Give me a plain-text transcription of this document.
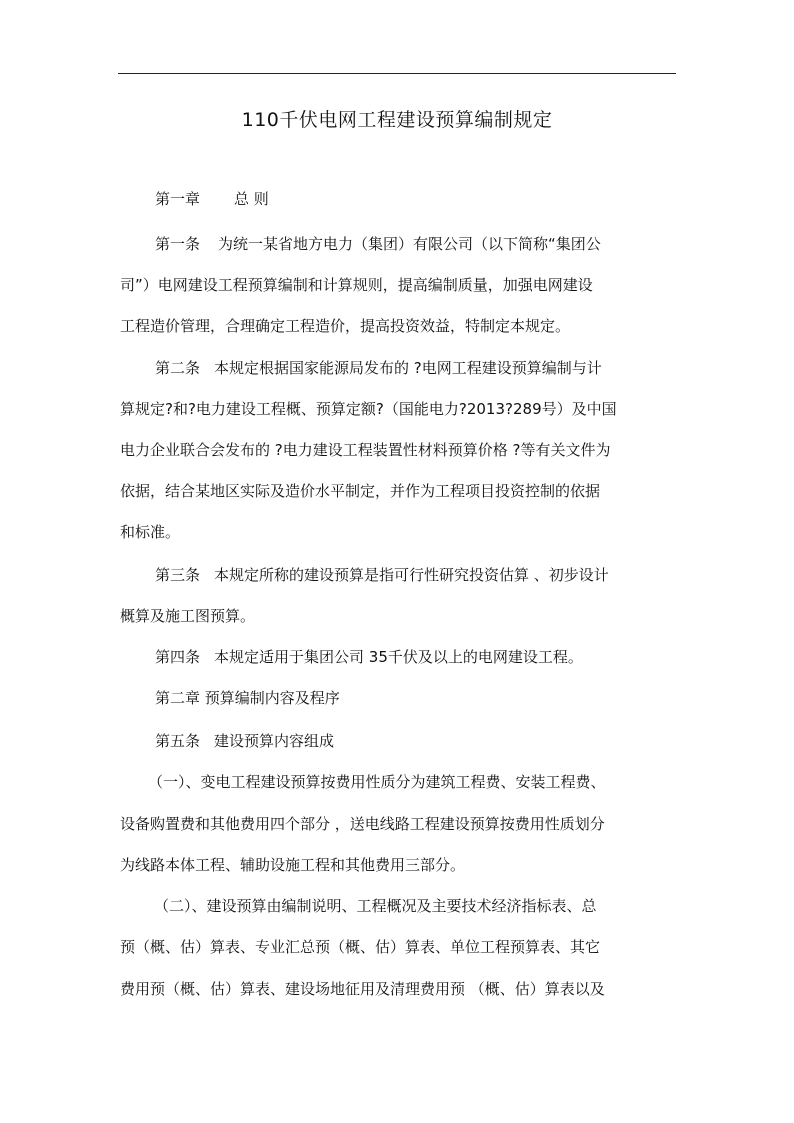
110千伏电网工程建设预算编制规定
第一章 总 则
第一条 为统一某省地方电力（集团）有限公司（以下简称“集团公
司”）电网建设工程预算编制和计算规则，提高编制质量，加强电网建设
工程造价管理，合理确定工程造价，提高投资效益，特制定本规定。
第二条 本规定根据国家能源局发布的 ?电网工程建设预算编制与计
算规定?和?电力建设工程概、预算定额?（国能电力?2013?289号）及中国
电力企业联合会发布的 ?电力建设工程装置性材料预算价格 ?等有关文件为
依据，结合某地区实际及造价水平制定，并作为工程项目投资控制的依据
和标准。
第三条 本规定所称的建设预算是指可行性研究投资估算 、初步设计
概算及施工图预算。
第四条 本规定适用于集团公司 35千伏及以上的电网建设工程。
第二章 预算编制内容及程序
第五条 建设预算内容组成
（一）、变电工程建设预算按费用性质分为建筑工程费、安装工程费、
设备购置费和其他费用四个部分 ，送电线路工程建设预算按费用性质划分
为线路本体工程、辅助设施工程和其他费用三部分。
（二）、建设预算由编制说明、工程概况及主要技术经济指标表、总
预（概、估）算表、专业汇总预（概、估）算表、单位工程预算表、其它
费用预（概、估）算表、建设场地征用及清理费用预 （概、估）算表以及
